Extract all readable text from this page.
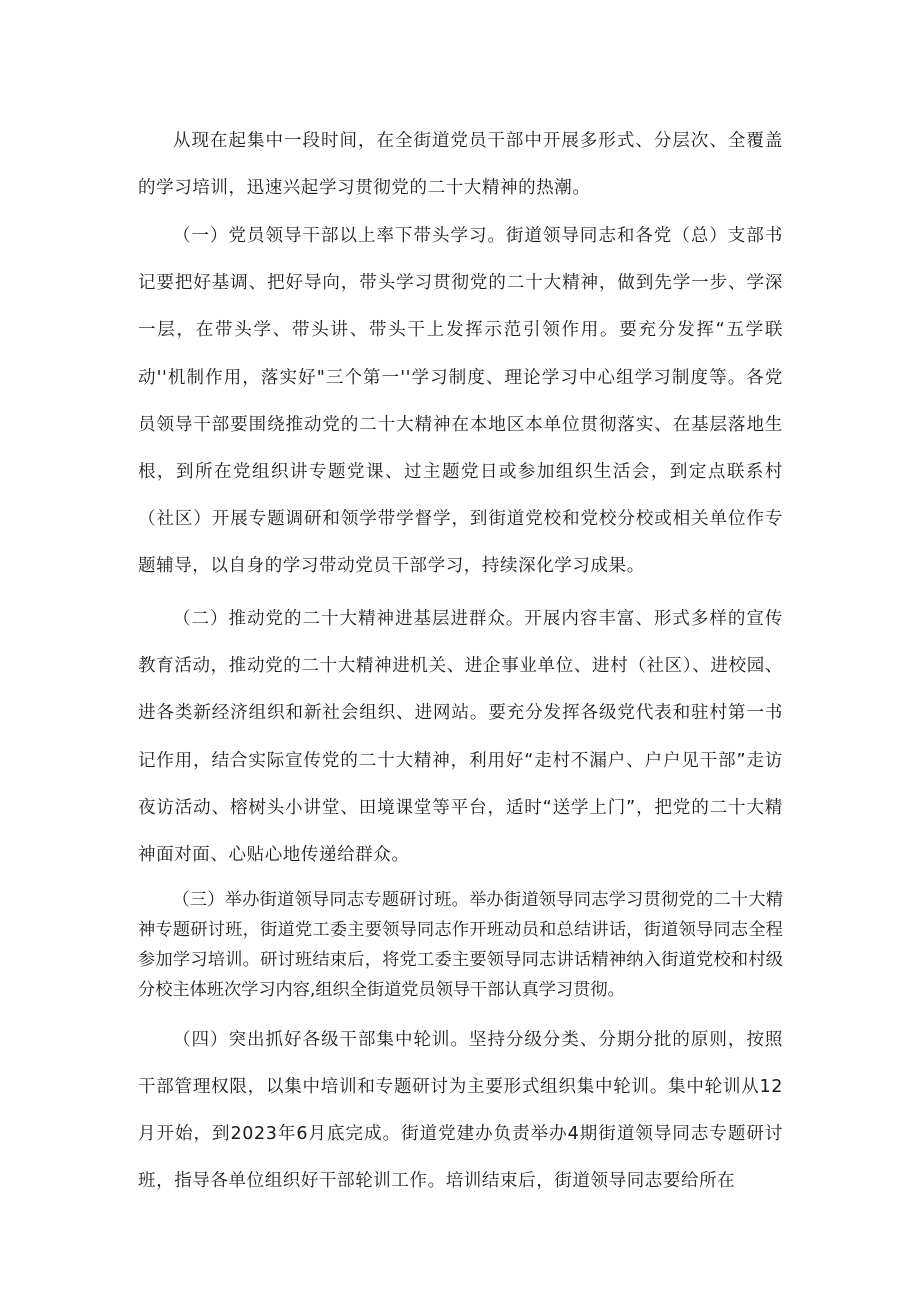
从现在起集中一段时间，在全街道党员干部中开展多形式、分层次、全覆盖的学习培训，迅速兴起学习贯彻党的二十大精神的热潮。

（一）党员领导干部以上率下带头学习。街道领导同志和各党（总）支部书记要把好基调、把好导向，带头学习贯彻党的二十大精神，做到先学一步、学深一层，在带头学、带头讲、带头干上发挥示范引领作用。要充分发挥“五学联动''机制作用，落实好"三个第一''学习制度、理论学习中心组学习制度等。各党员领导干部要围绕推动党的二十大精神在本地区本单位贯彻落实、在基层落地生根，到所在党组织讲专题党课、过主题党日或参加组织生活会，到定点联系村（社区）开展专题调研和领学带学督学，到街道党校和党校分校或相关单位作专题辅导，以自身的学习带动党员干部学习，持续深化学习成果。

（二）推动党的二十大精神进基层进群众。开展内容丰富、形式多样的宣传教育活动，推动党的二十大精神进机关、进企事业单位、进村（社区）、进校园、进各类新经济组织和新社会组织、进网站。要充分发挥各级党代表和驻村第一书记作用，结合实际宣传党的二十大精神，利用好“走村不漏户、户户见干部”走访夜访活动、榕树头小讲堂、田境课堂等平台，适时“送学上门”，把党的二十大精神面对面、心贴心地传递给群众。

（三）举办街道领导同志专题研讨班。举办街道领导同志学习贯彻党的二十大精神专题研讨班，街道党工委主要领导同志作开班动员和总结讲话，街道领导同志全程参加学习培训。研讨班结束后，将党工委主要领导同志讲话精神纳入街道党校和村级分校主体班次学习内容,组织全街道党员领导干部认真学习贯彻。

（四）突出抓好各级干部集中轮训。坚持分级分类、分期分批的原则，按照干部管理权限，以集中培训和专题研讨为主要形式组织集中轮训。集中轮训从12月开始，到2023年6月底完成。街道党建办负责举办4期街道领导同志专题研讨班，指导各单位组织好干部轮训工作。培训结束后，街道领导同志要给所在
